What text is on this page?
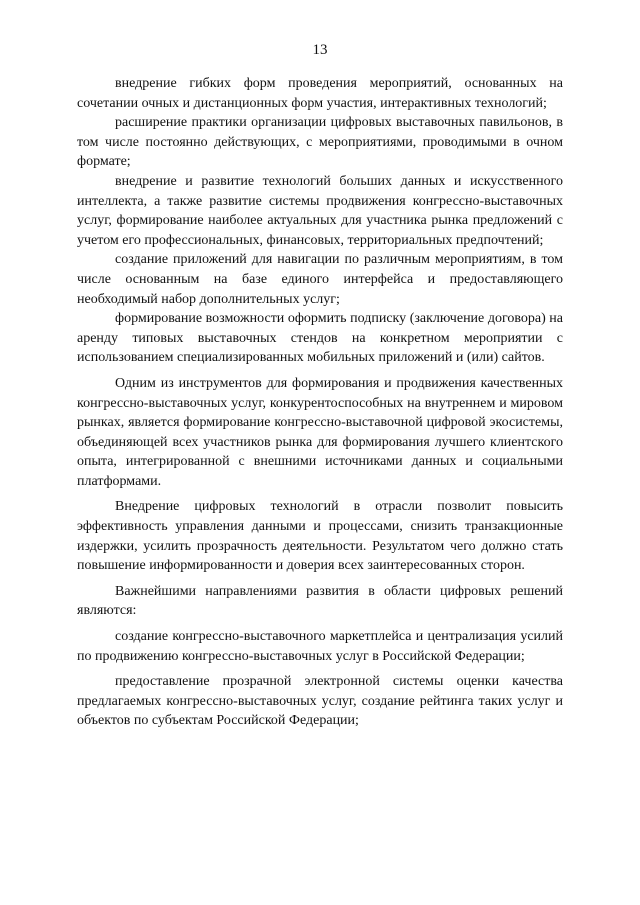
13

внедрение гибких форм проведения мероприятий, основанных на сочетании очных и дистанционных форм участия, интерактивных технологий;

расширение практики организации цифровых выставочных павильонов, в том числе постоянно действующих, с мероприятиями, проводимыми в очном формате;

внедрение и развитие технологий больших данных и искусственного интеллекта, а также развитие системы продвижения конгрессно-выставочных услуг, формирование наиболее актуальных для участника рынка предложений с учетом его профессиональных, финансовых, территориальных предпочтений;

создание приложений для навигации по различным мероприятиям, в том числе основанным на базе единого интерфейса и предоставляющего необходимый набор дополнительных услуг;

формирование возможности оформить подписку (заключение договора) на аренду типовых выставочных стендов на конкретном мероприятии с использованием специализированных мобильных приложений и (или) сайтов.

Одним из инструментов для формирования и продвижения качественных конгрессно-выставочных услуг, конкурентоспособных на внутреннем и мировом рынках, является формирование конгрессно-выставочной цифровой экосистемы, объединяющей всех участников рынка для формирования лучшего клиентского опыта, интегрированной с внешними источниками данных и социальными платформами.

Внедрение цифровых технологий в отрасли позволит повысить эффективность управления данными и процессами, снизить транзакционные издержки, усилить прозрачность деятельности. Результатом чего должно стать повышение информированности и доверия всех заинтересованных сторон.

Важнейшими направлениями развития в области цифровых решений являются:

создание конгрессно-выставочного маркетплейса и централизация усилий по продвижению конгрессно-выставочных услуг в Российской Федерации;

предоставление прозрачной электронной системы оценки качества предлагаемых конгрессно-выставочных услуг, создание рейтинга таких услуг и объектов по субъектам Российской Федерации;
